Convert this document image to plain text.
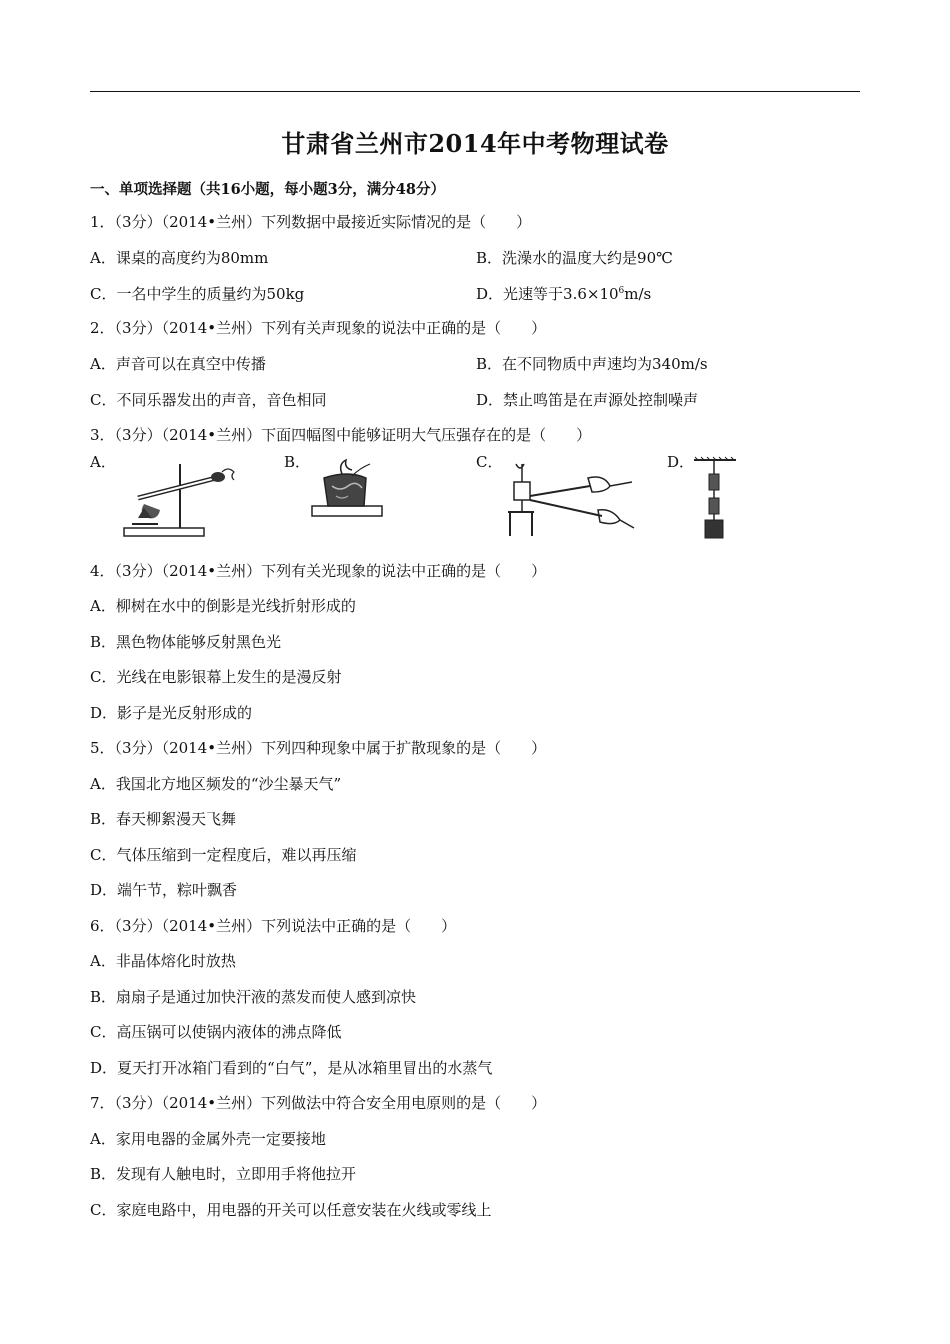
甘肃省兰州市2014年中考物理试卷
一、单项选择题（共16小题，每小题3分，满分48分）
1．（3分）（2014•兰州）下列数据中最接近实际情况的是（　　）
A．课桌的高度约为80mm	B．洗澡水的温度大约是90℃
C．一名中学生的质量约为50kg	D．光速等于$3.6\times 10^6m/s$
2．（3分）（2014•兰州）下列有关声现象的说法中正确的是（　　）
A．声音可以在真空中传播	B．在不同物质中声速均为340m/s
C．不同乐器发出的声音，音色相同	D．禁止鸣笛是在声源处控制噪声
3．（3分）（2014•兰州）下面四幅图中能够证明大气压强存在的是（　　）
A．	B．	C．	D．
4．（3分）（2014•兰州）下列有关光现象的说法中正确的是（　　）
A．柳树在水中的倒影是光线折射形成的
B．黑色物体能够反射黑色光
C．光线在电影银幕上发生的是漫反射
D．影子是光反射形成的
5．（3分）（2014•兰州）下列四种现象中属于扩散现象的是（　　）
A．我国北方地区频发的“沙尘暴天气”
B．春天柳絮漫天飞舞
C．气体压缩到一定程度后，难以再压缩
D．端午节，粽叶飘香
6．（3分）（2014•兰州）下列说法中正确的是（　　）
A．非晶体熔化时放热
B．扇扇子是通过加快汗液的蒸发而使人感到凉快
C．高压锅可以使锅内液体的沸点降低
D．夏天打开冰箱门看到的“白气”，是从冰箱里冒出的水蒸气
7．（3分）（2014•兰州）下列做法中符合安全用电原则的是（　　）
A．家用电器的金属外壳一定要接地
B．发现有人触电时，立即用手将他拉开
C．家庭电路中，用电器的开关可以任意安装在火线或零线上
